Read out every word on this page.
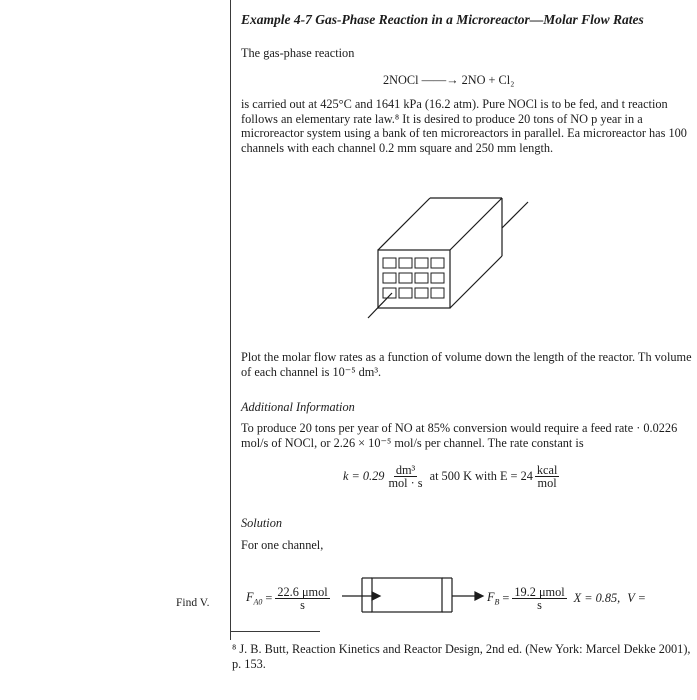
Example 4-7 Gas-Phase Reaction in a Microreactor—Molar Flow Rates
The gas-phase reaction
2NOCl ——→ 2NO + Cl₂
is carried out at 425°C and 1641 kPa (16.2 atm). Pure NOCl is to be fed, and t reaction follows an elementary rate law.⁸ It is desired to produce 20 tons of NO p year in a microreactor system using a bank of ten microreactors in parallel. Ea microreactor has 100 channels with each channel 0.2 mm square and 250 mm length.
Plot the molar flow rates as a function of volume down the length of the reactor. Th volume of each channel is 10⁻⁵ dm³.
Additional Information
To produce 20 tons per year of NO at 85% conversion would require a feed rate · 0.0226 mol/s of NOCl, or 2.26 × 10⁻⁵ mol/s per channel. The rate constant is
$k = 0.29 \frac{\text{dm³}}{\text{mol · s}}$ at 500 K with $E = 24 \frac{\text{kcal}}{\text{mol}}$
Solution
For one channel,
Find V.	$F_{A0} = \frac{\text{22.6 μmol}}{s}$	$F_B = \frac{\text{19.2 μmol}}{s}$ X = 0.85, V =
⁸ J. B. Butt, Reaction Kinetics and Reactor Design, 2nd ed. (New York: Marcel Dekke 2001), p. 153.
